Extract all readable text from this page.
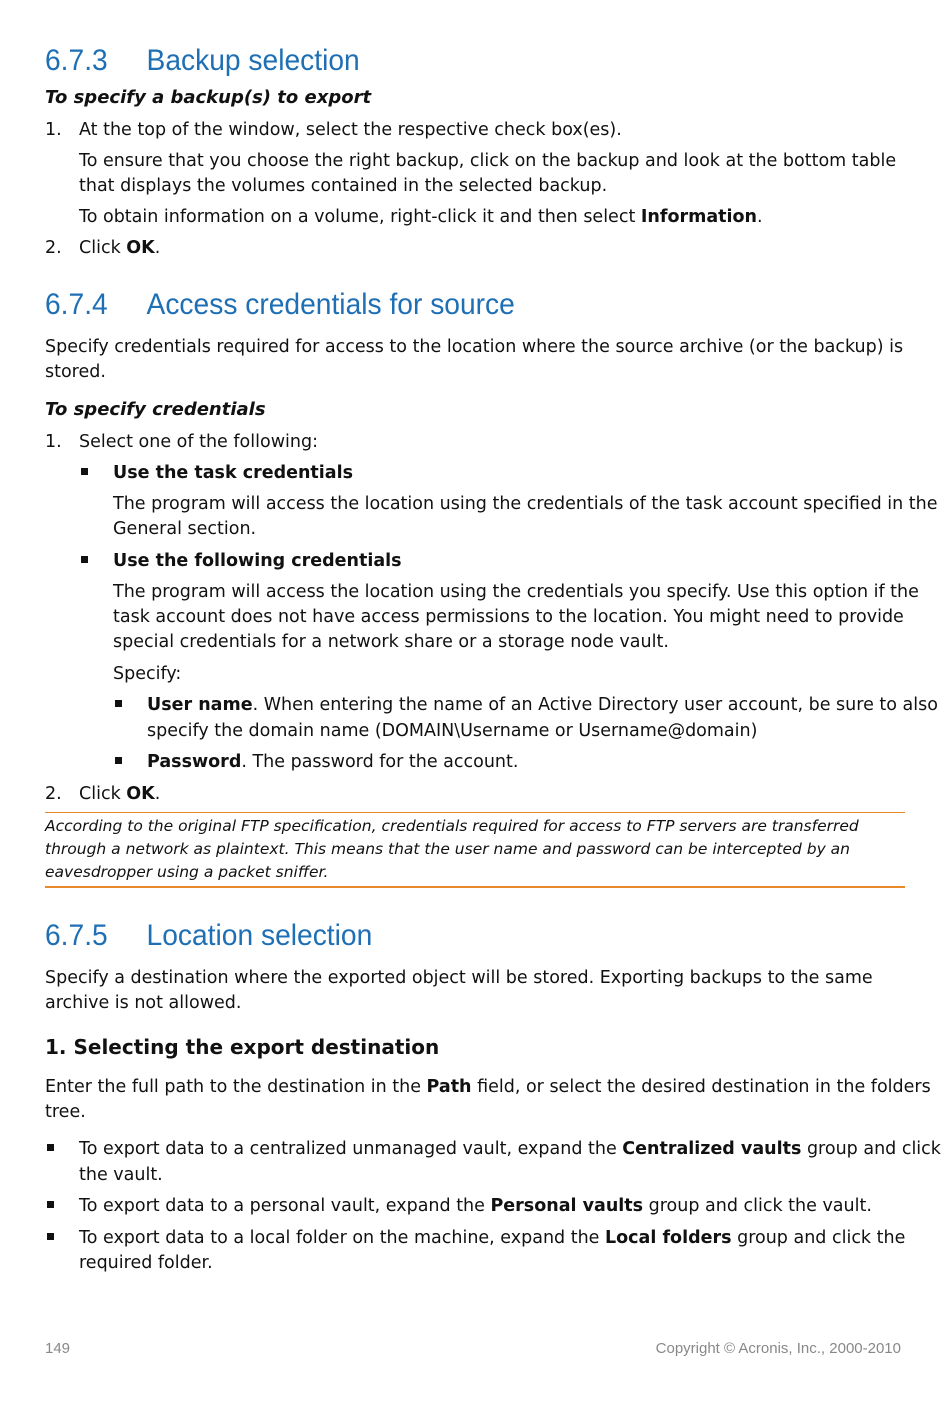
6.7.3 Backup selection
To specify a backup(s) to export
1. At the top of the window, select the respective check box(es).
To ensure that you choose the right backup, click on the backup and look at the bottom table
that displays the volumes contained in the selected backup.
To obtain information on a volume, right-click it and then select Information.
2. Click OK.
6.7.4 Access credentials for source
Specify credentials required for access to the location where the source archive (or the backup) is
stored.
To specify credentials
1. Select one of the following:
Use the task credentials
The program will access the location using the credentials of the task account specified in the
General section.
Use the following credentials
The program will access the location using the credentials you specify. Use this option if the
task account does not have access permissions to the location. You might need to provide
special credentials for a network share or a storage node vault.
Specify:
User name. When entering the name of an Active Directory user account, be sure to also
specify the domain name (DOMAIN\Username or Username@domain)
Password. The password for the account.
2. Click OK.
According to the original FTP specification, credentials required for access to FTP servers are transferred
through a network as plaintext. This means that the user name and password can be intercepted by an
eavesdropper using a packet sniffer.
6.7.5 Location selection
Specify a destination where the exported object will be stored. Exporting backups to the same
archive is not allowed.
1. Selecting the export destination
Enter the full path to the destination in the Path field, or select the desired destination in the folders
tree.
To export data to a centralized unmanaged vault, expand the Centralized vaults group and click
the vault.
To export data to a personal vault, expand the Personal vaults group and click the vault.
To export data to a local folder on the machine, expand the Local folders group and click the
required folder.
149	Copyright © Acronis, Inc., 2000-2010
